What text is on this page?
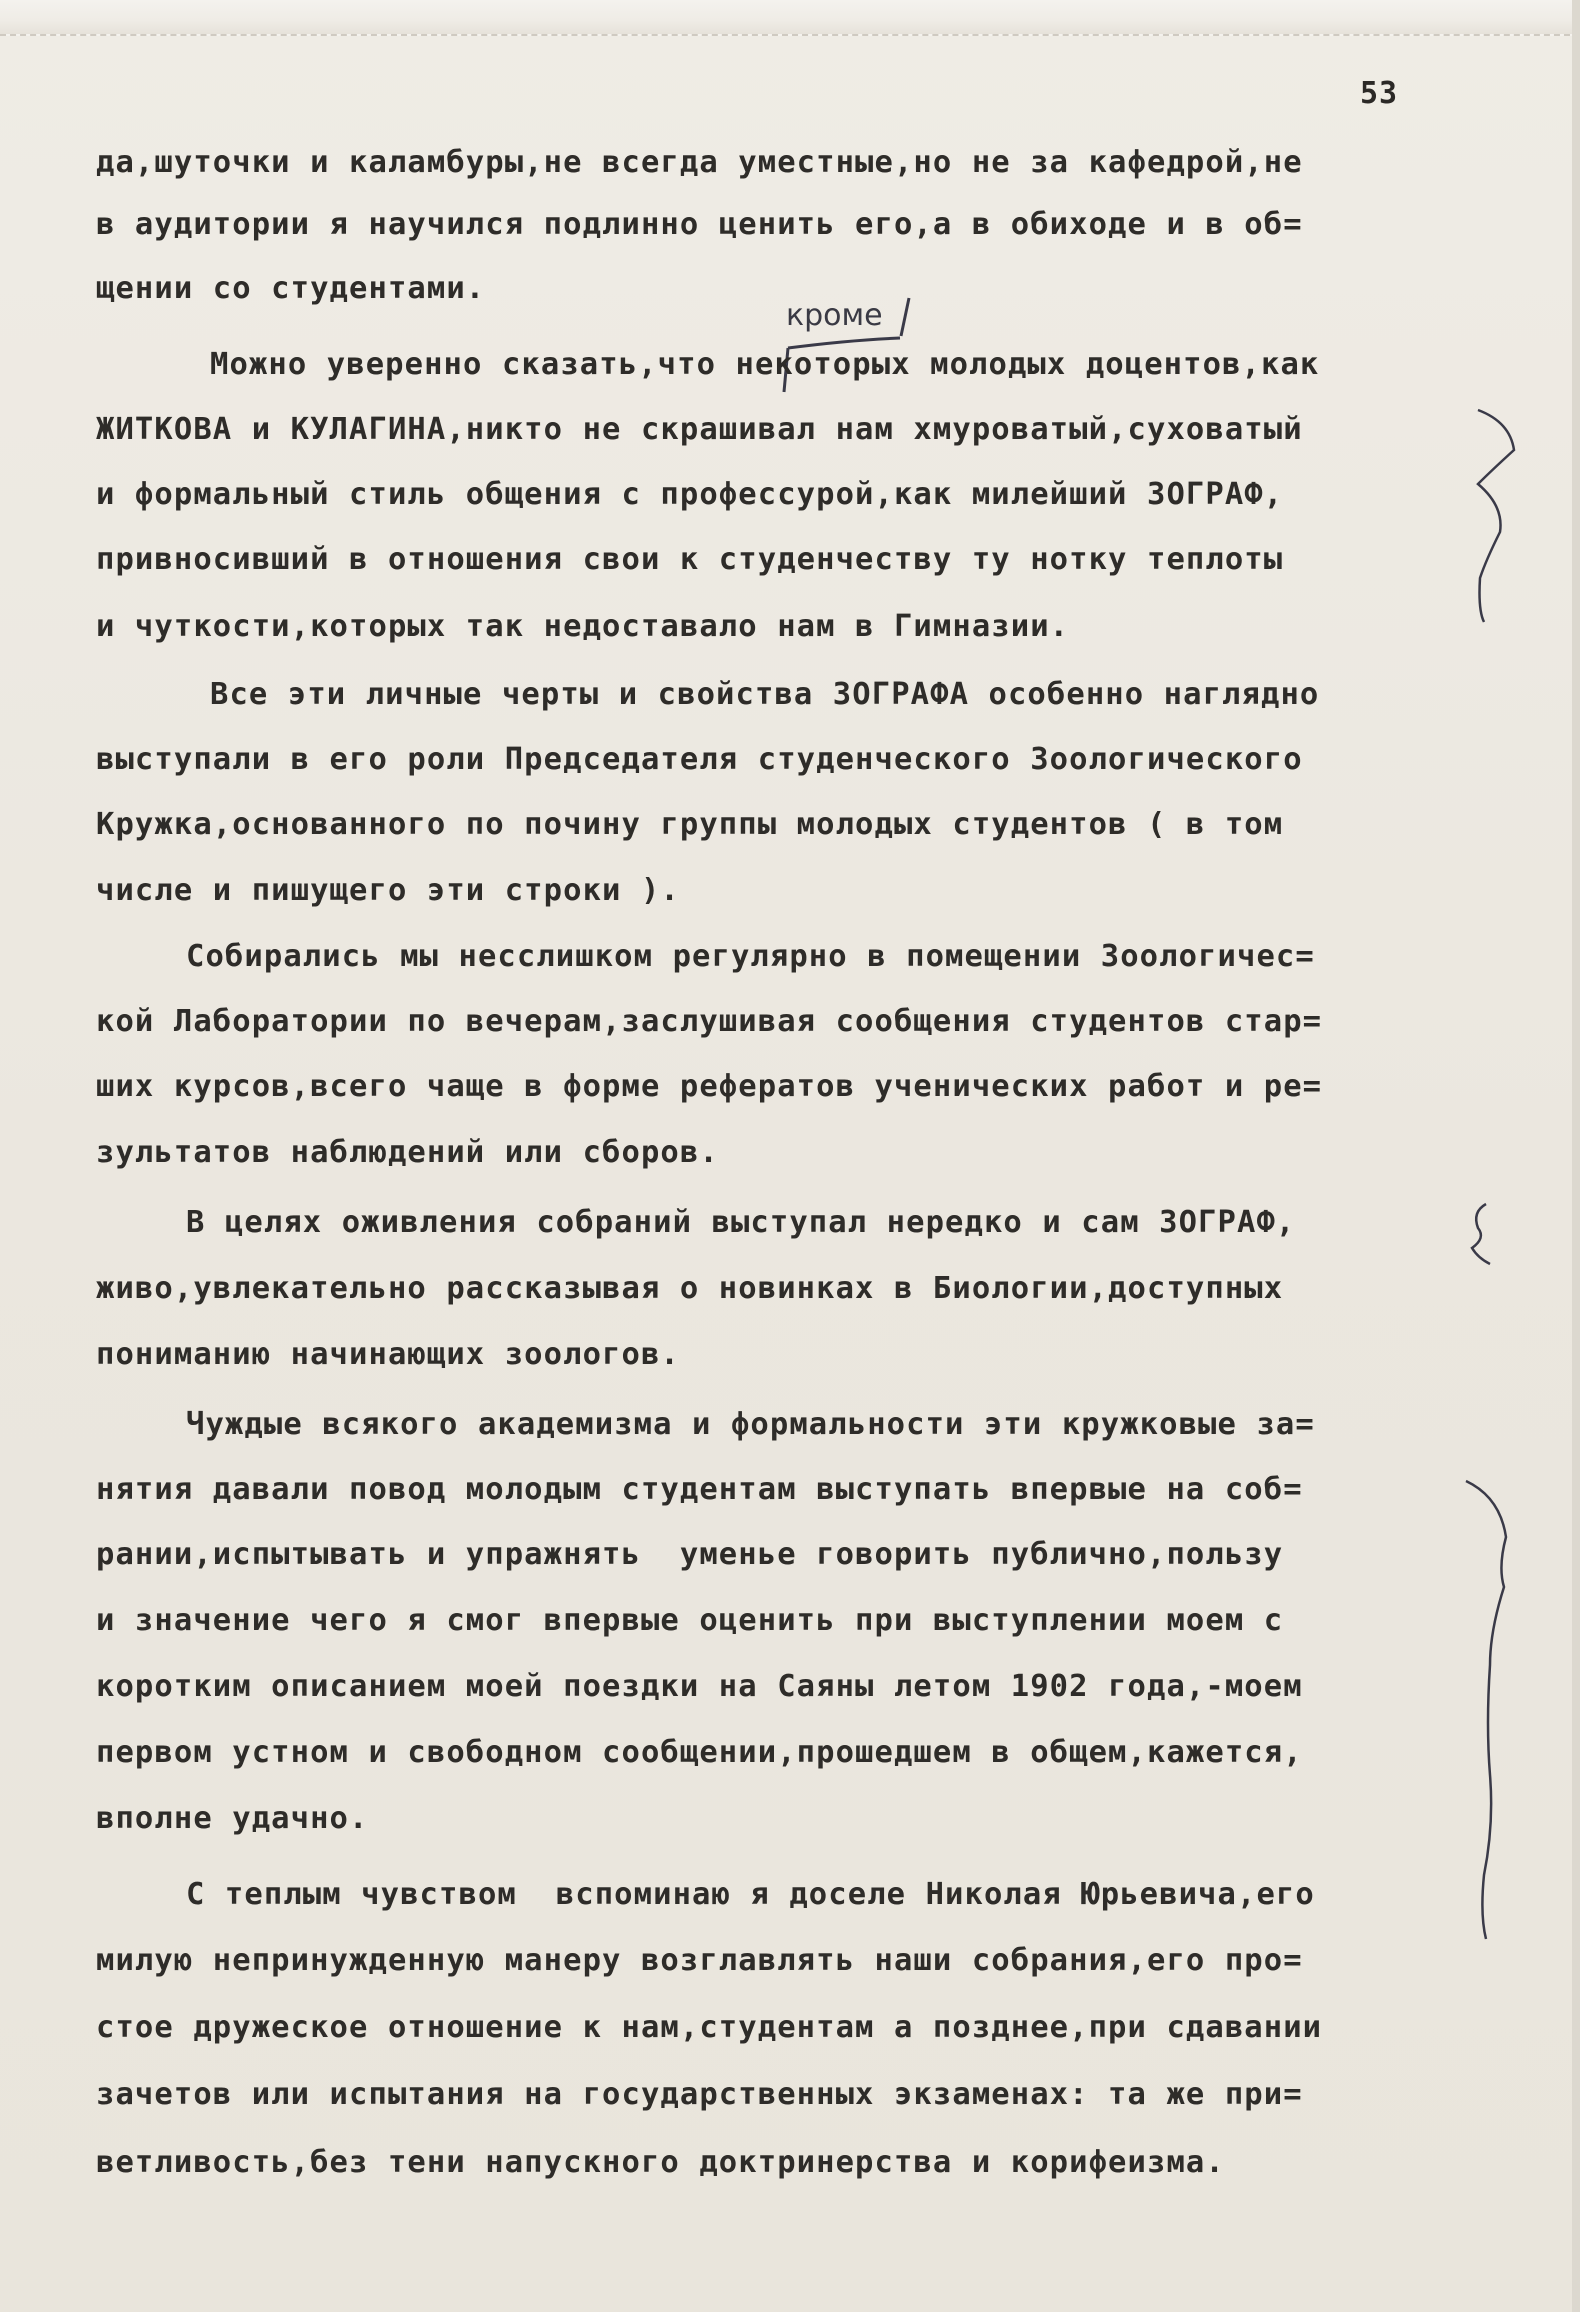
53
кроме
да,шуточки и каламбуры,не всегда уместные,но не за кафедрой,не
в аудитории я научился подлинно ценить его,а в обиходе и в об=
щении со студентами.
Можно уверенно сказать,что некоторых молодых доцентов,как
ЖИТКОВА и КУЛАГИНА,никто не скрашивал нам хмуроватый,суховатый
и формальный стиль общения с профессурой,как милейший ЗОГРАФ,
привносивший в отношения свои к студенчеству ту нотку теплоты
и чуткости,которых так недоставало нам в Гимназии.
Все эти личные черты и свойства ЗОГРАФА особенно наглядно
выступали в его роли Председателя студенческого Зоологического
Кружка,основанного по почину группы молодых студентов ( в том
числе и пишущего эти строки ).
Собирались мы несслишком регулярно в помещении Зоологичес=
кой Лаборатории по вечерам,заслушивая сообщения студентов стар=
ших курсов,всего чаще в форме рефератов ученических работ и ре=
зультатов наблюдений или сборов.
В целях оживления собраний выступал нередко и сам ЗОГРАФ,
живо,увлекательно рассказывая о новинках в Биологии,доступных
пониманию начинающих зоологов.
Чуждые всякого академизма и формальности эти кружковые за=
нятия давали повод молодым студентам выступать впервые на соб=
рании,испытывать и упражнять  уменье говорить публично,пользу
и значение чего я смог впервые оценить при выступлении моем с
коротким описанием моей поездки на Саяны летом 1902 года,-моем
первом устном и свободном сообщении,прошедшем в общем,кажется,
вполне удачно.
С теплым чувством  вспоминаю я доселе Николая Юрьевича,его
милую непринужденную манеру возглавлять наши собрания,его про=
стое дружеское отношение к нам,студентам а позднее,при сдавании
зачетов или испытания на государственных экзаменах: та же при=
ветливость,без тени напускного доктринерства и корифеизма.
